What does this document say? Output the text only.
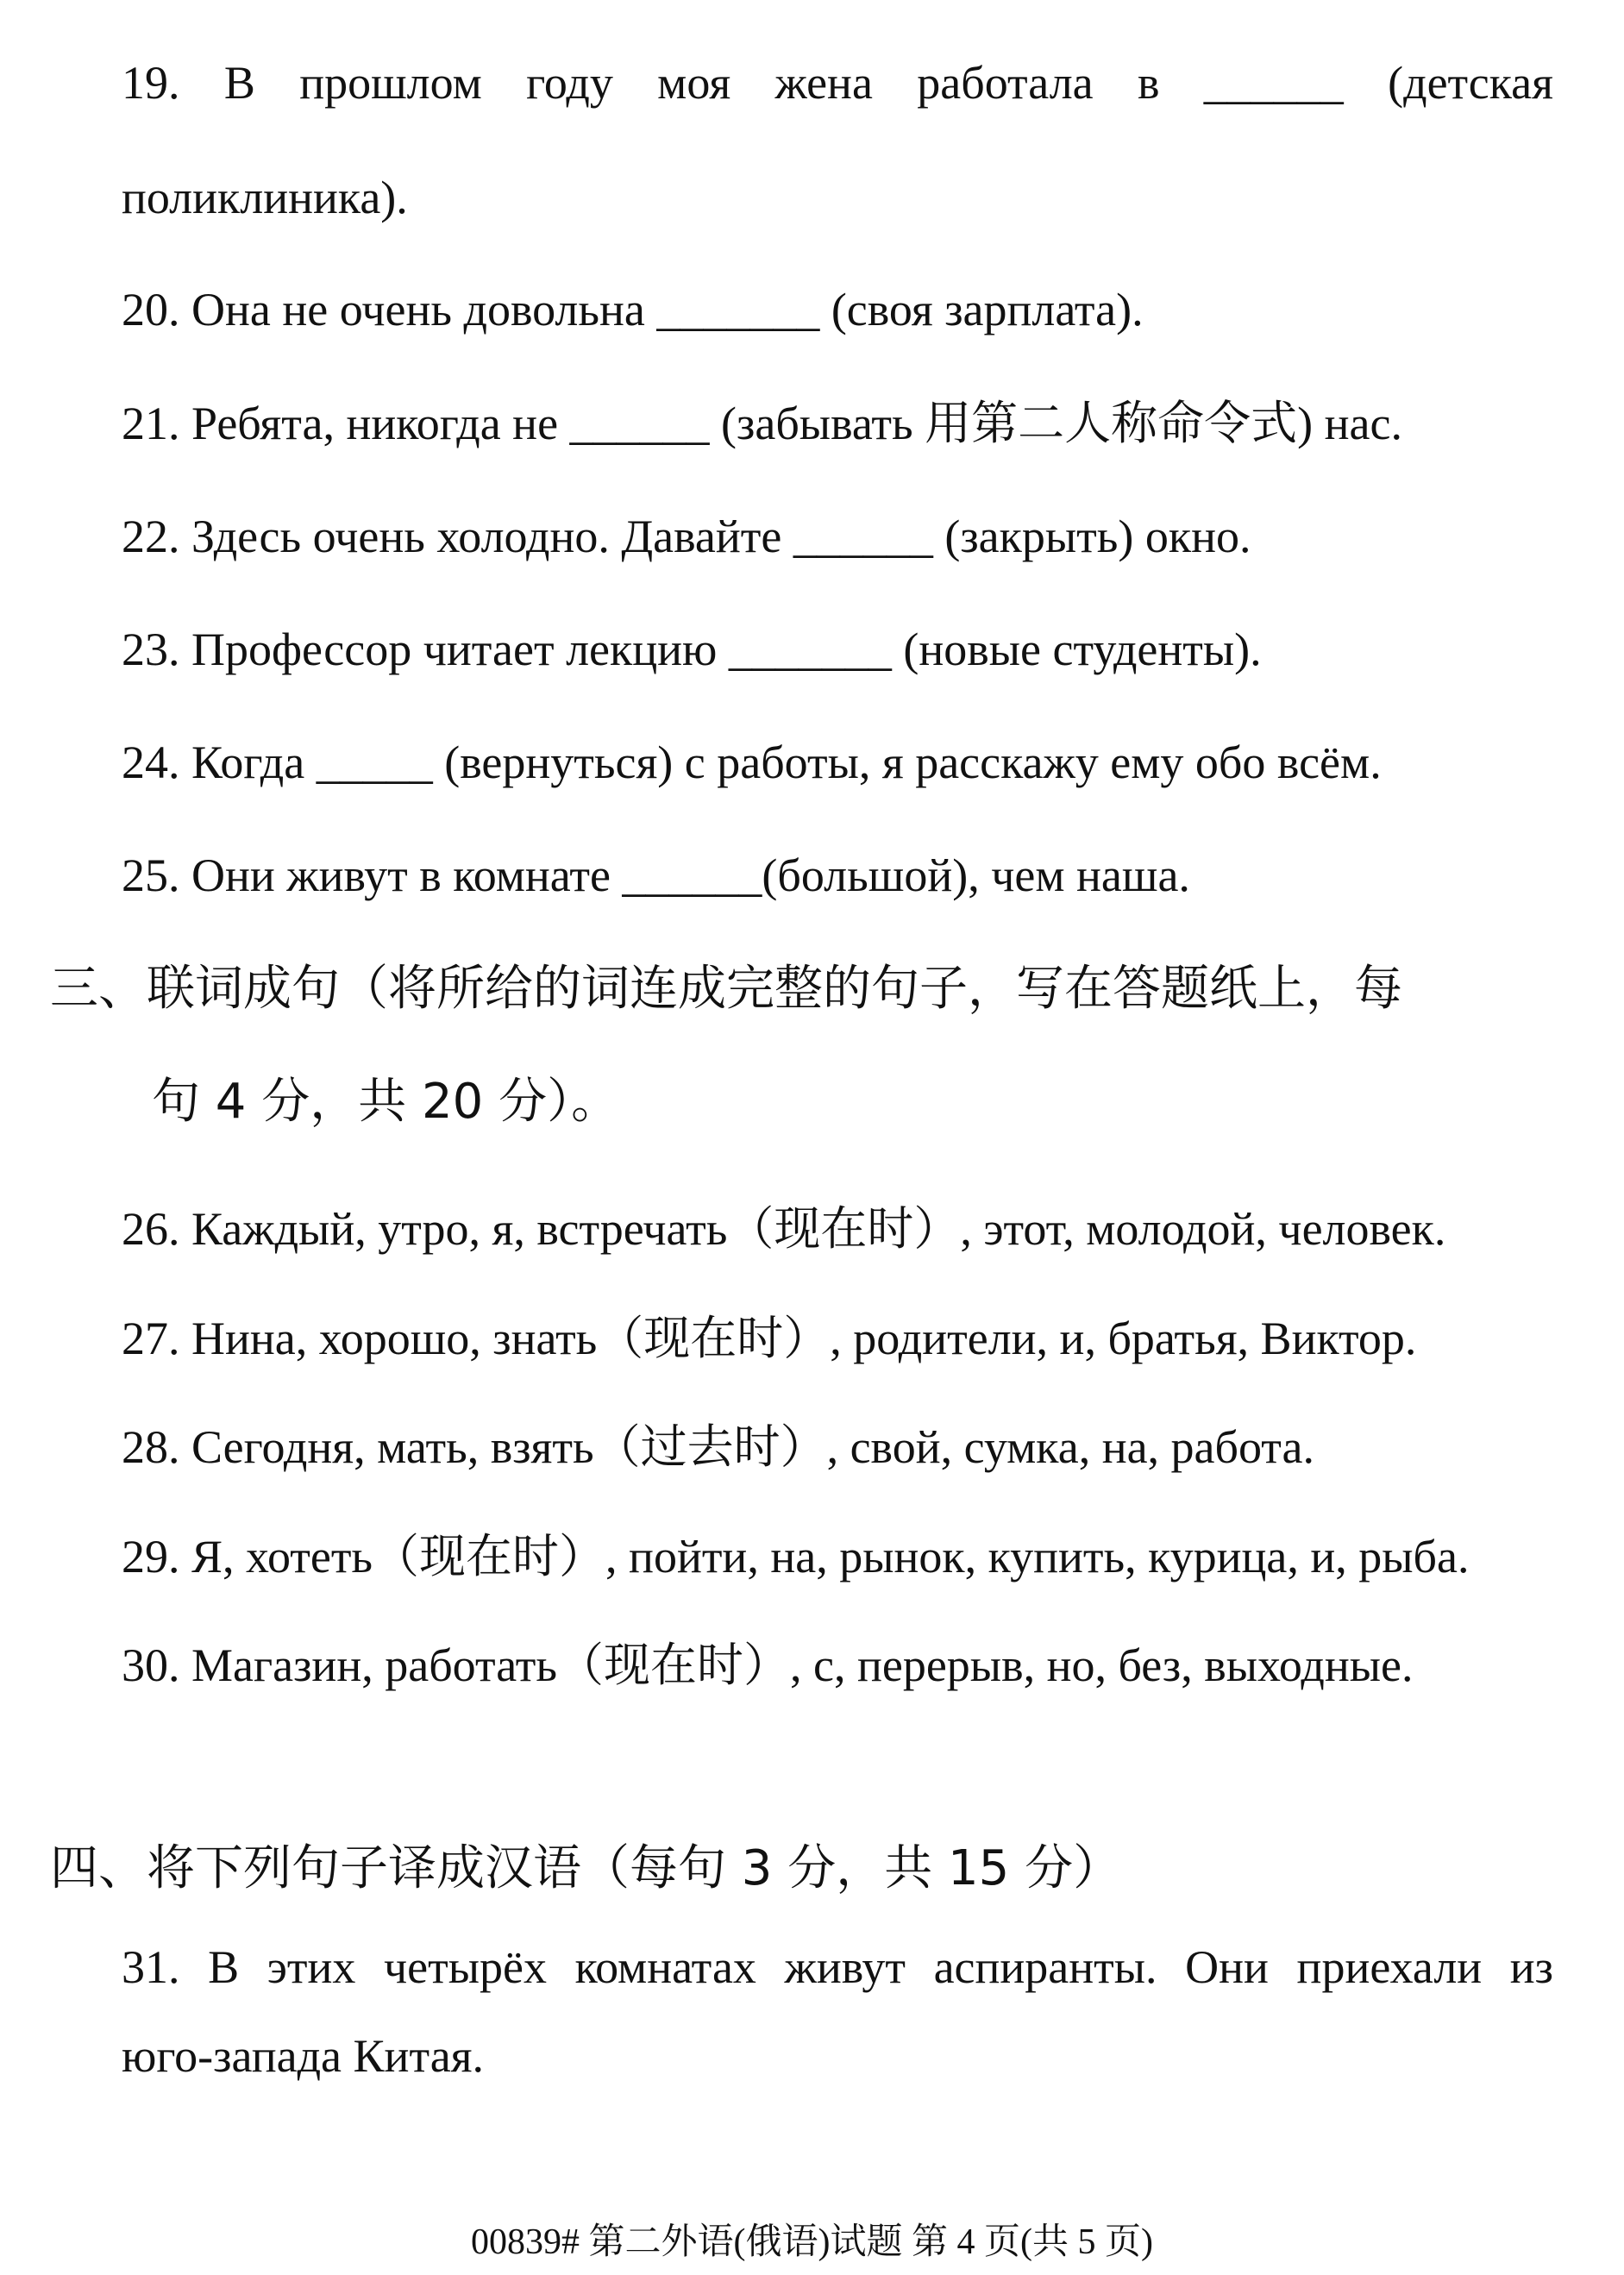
19. В прошлом году моя жена работала в ______ (детская
поликлиника).
20. Она не очень довольна _______ (своя зарплата).
21. Ребята, никогда не ______ (забывать 用第二人称命令式) нас.
22. Здесь очень холодно. Давайте ______ (закрыть) окно.
23. Профессор читает лекцию _______ (новые студенты).
24. Когда _____ (вернуться) с работы, я расскажу ему обо всём.
25. Они живут в комнате ______(большой), чем наша.
三、联词成句（将所给的词连成完整的句子，写在答题纸上，每
句 4 分，共 20 分）。
26. Каждый, утро, я, встречать（现在时）, этот, молодой, человек.
27. Нина, хорошо, знать（现在时）, родители, и, братья, Виктор.
28. Сегодня, мать, взять（过去时）, свой, сумка, на, работа.
29. Я, хотеть（现在时）, пойти, на, рынок, купить, курица, и, рыба.
30. Магазин, работать（现在时）, с, перерыв, но, без, выходные.
四、将下列句子译成汉语（每句 3 分，共 15 分）
31. В этих четырёх комнатах живут аспиранты. Они приехали из
юго-запада Китая.
00839# 第二外语(俄语)试题 第 4 页(共 5 页)
